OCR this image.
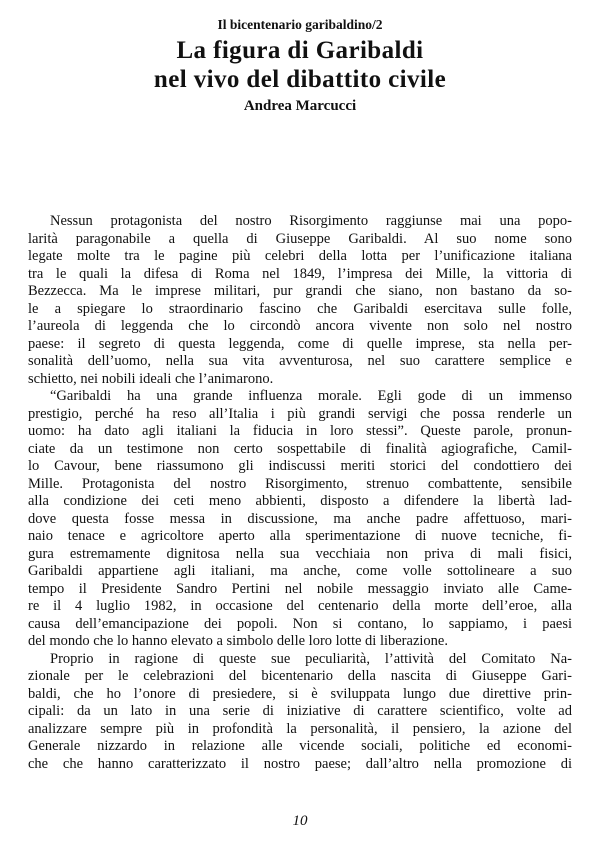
Il bicentenario garibaldino/2
La figura di Garibaldi
nel vivo del dibattito civile
Andrea Marcucci
Nessun protagonista del nostro Risorgimento raggiunse mai una popo-
larità paragonabile a quella di Giuseppe Garibaldi. Al suo nome sono
legate molte tra le pagine più celebri della lotta per l’unificazione italiana
tra le quali la difesa di Roma nel 1849, l’impresa dei Mille, la vittoria di
Bezzecca. Ma le imprese militari, pur grandi che siano, non bastano da so-
le a spiegare lo straordinario fascino che Garibaldi esercitava sulle folle,
l’aureola di leggenda che lo circondò ancora vivente non solo nel nostro
paese: il segreto di questa leggenda, come di quelle imprese, sta nella per-
sonalità dell’uomo, nella sua vita avventurosa, nel suo carattere semplice e
schietto, nei nobili ideali che l’animarono.
“Garibaldi ha una grande influenza morale. Egli gode di un immenso
prestigio, perché ha reso all’Italia i più grandi servigi che possa renderle un
uomo: ha dato agli italiani la fiducia in loro stessi”. Queste parole, pronun-
ciate da un testimone non certo sospettabile di finalità agiografiche, Camil-
lo Cavour, bene riassumono gli indiscussi meriti storici del condottiero dei
Mille. Protagonista del nostro Risorgimento, strenuo combattente, sensibile
alla condizione dei ceti meno abbienti, disposto a difendere la libertà lad-
dove questa fosse messa in discussione, ma anche padre affettuoso, mari-
naio tenace e agricoltore aperto alla sperimentazione di nuove tecniche, fi-
gura estremamente dignitosa nella sua vecchiaia non priva di mali fisici,
Garibaldi appartiene agli italiani, ma anche, come volle sottolineare a suo
tempo il Presidente Sandro Pertini nel nobile messaggio inviato alle Came-
re il 4 luglio 1982, in occasione del centenario della morte dell’eroe, alla
causa dell’emancipazione dei popoli. Non si contano, lo sappiamo, i paesi
del mondo che lo hanno elevato a simbolo delle loro lotte di liberazione.
Proprio in ragione di queste sue peculiarità, l’attività del Comitato Na-
zionale per le celebrazioni del bicentenario della nascita di Giuseppe Gari-
baldi, che ho l’onore di presiedere, si è sviluppata lungo due direttive prin-
cipali: da un lato in una serie di iniziative di carattere scientifico, volte ad
analizzare sempre più in profondità la personalità, il pensiero, la azione del
Generale nizzardo in relazione alle vicende sociali, politiche ed economi-
che che hanno caratterizzato il nostro paese; dall’altro nella promozione di
10
